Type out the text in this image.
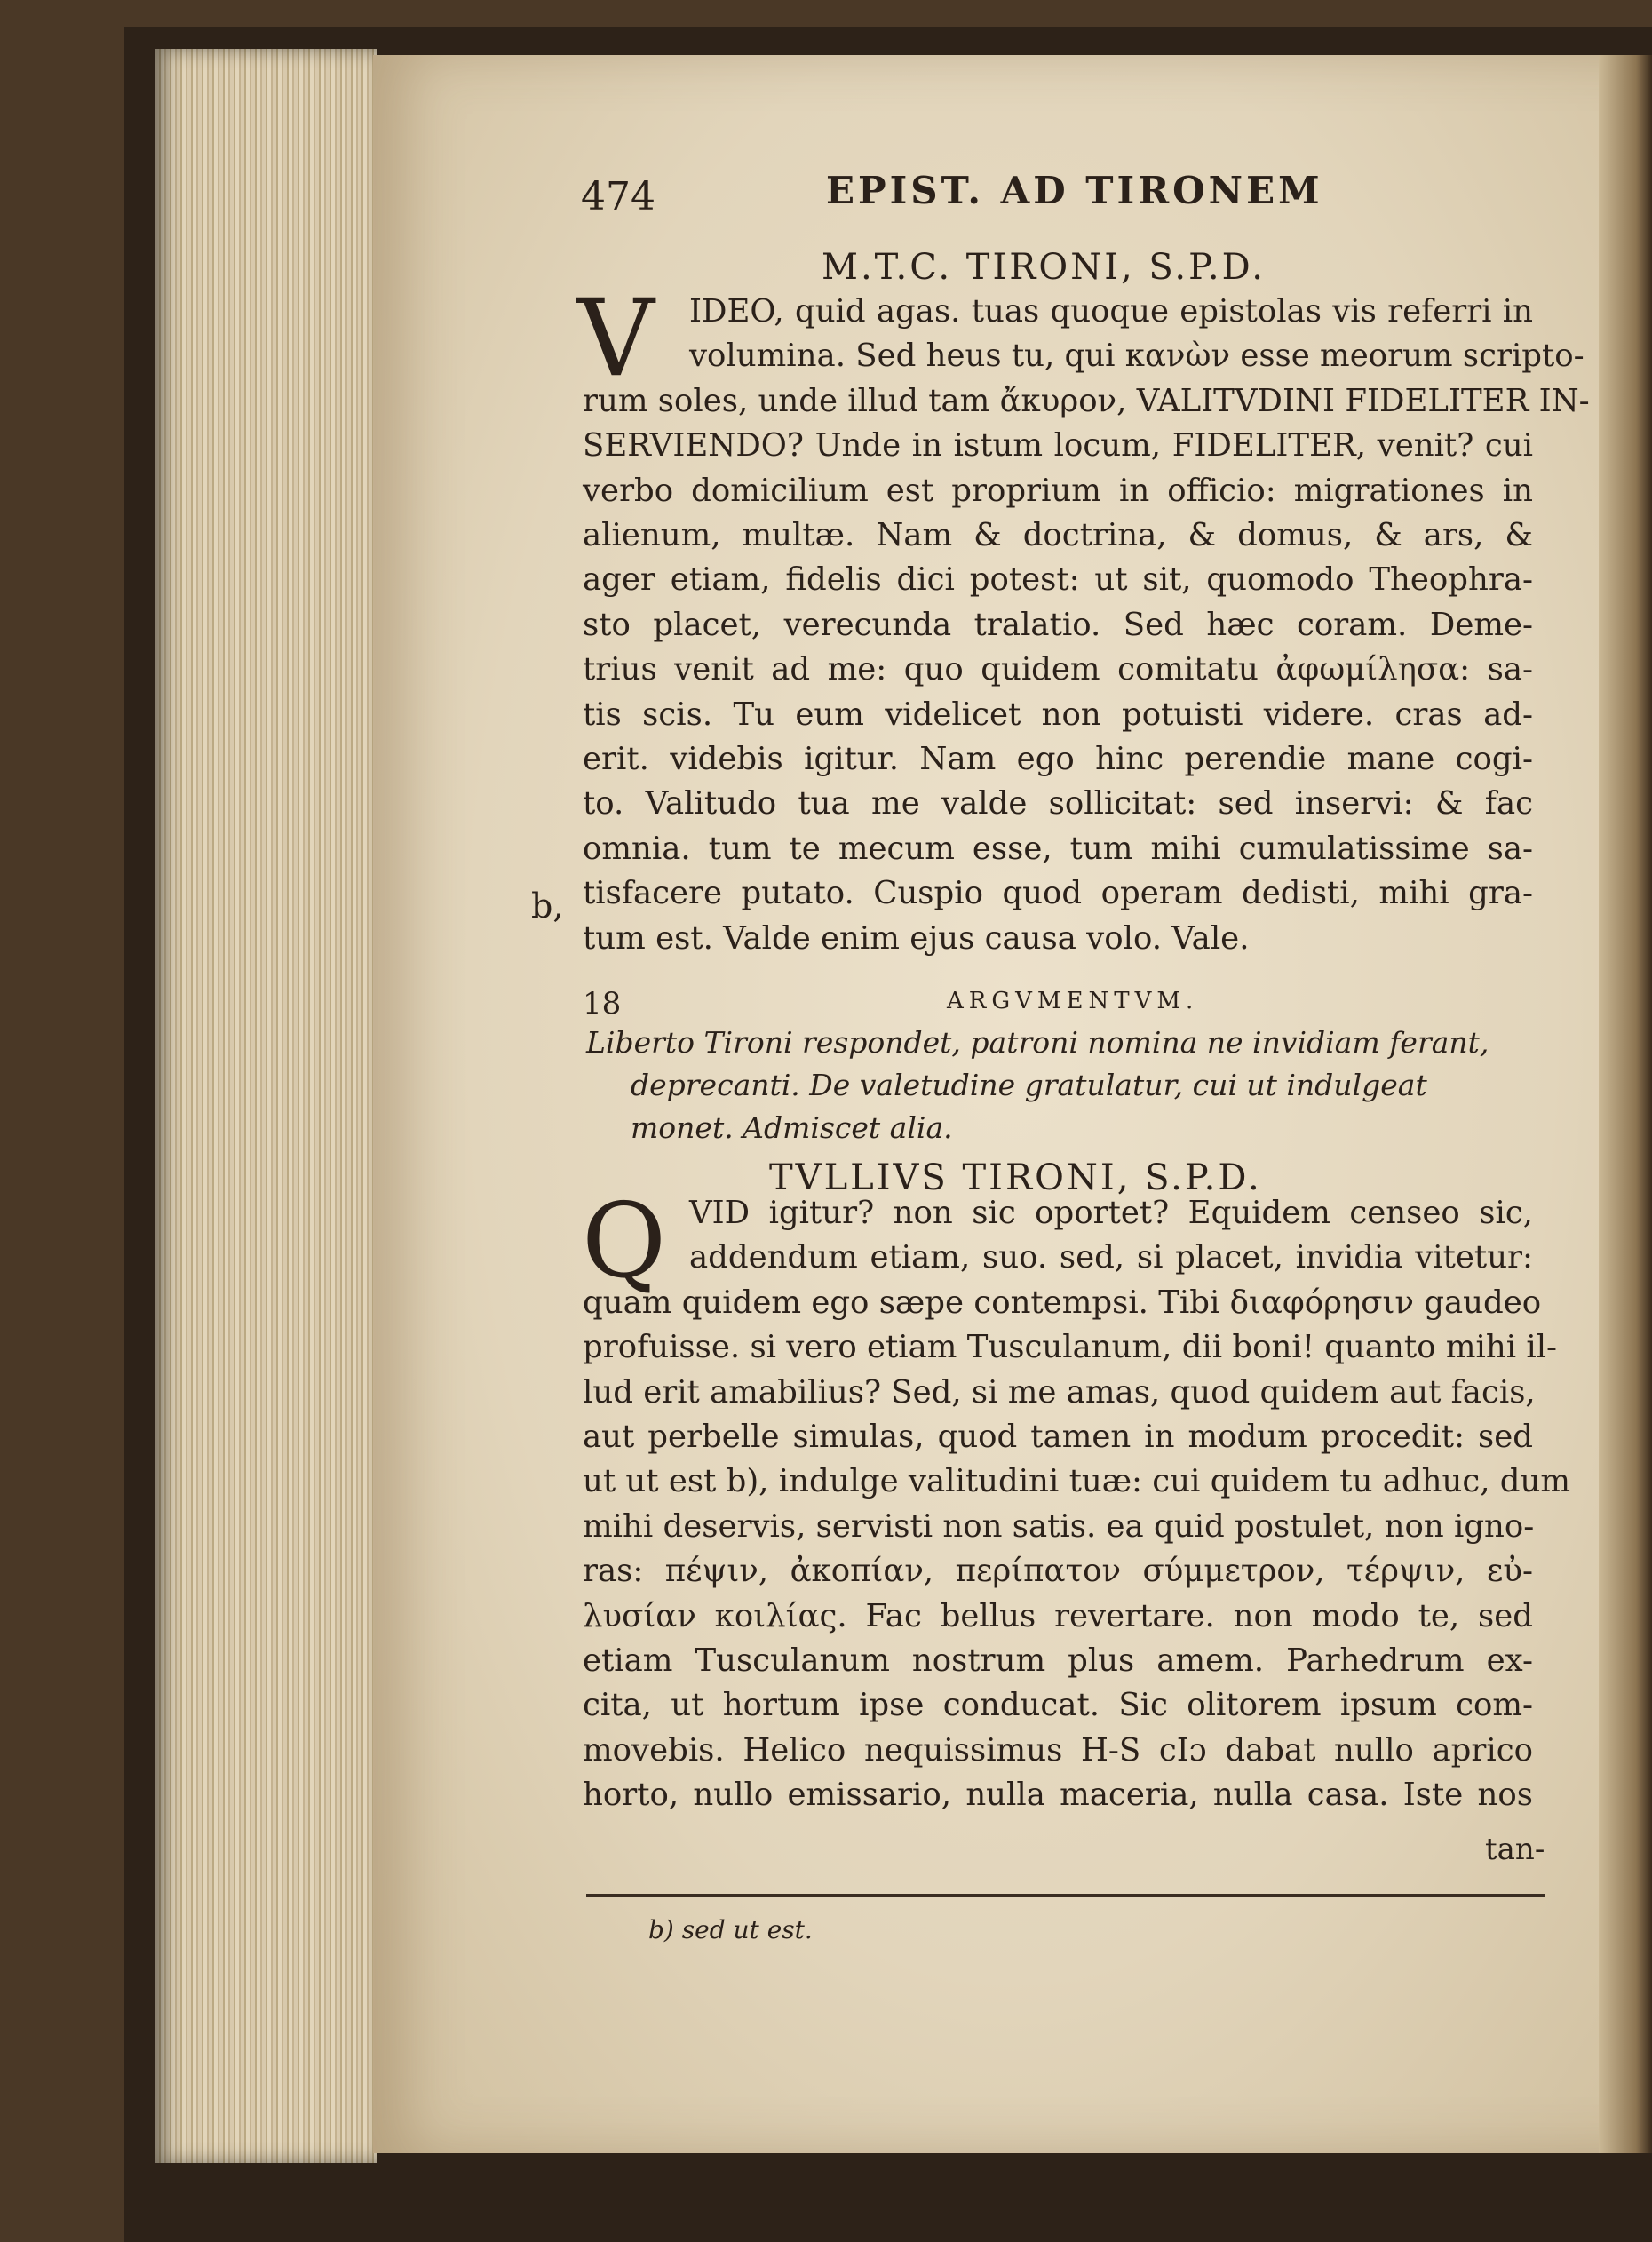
474	EPIST. AD TIRONEM
M.T.C. TIRONI, S.P.D.
V	IDEO, quid agas. tuas quoque epistolas vis referri in
volumina. Sed heus tu, qui κανὼν esse meorum scripto-
rum soles, unde illud tam ἄκυρον, VALITVDINI FIDELITER IN-
SERVIENDO? Unde in istum locum, FIDELITER, venit? cui
verbo domicilium est proprium in officio: migrationes in
alienum, multæ. Nam & doctrina, & domus, & ars, &
ager etiam, fidelis dici potest: ut sit, quomodo Theophra-
sto placet, verecunda tralatio. Sed hæc coram. Deme-
trius venit ad me: quo quidem comitatu ἀφωμίλησα: sa-
tis scis. Tu eum videlicet non potuisti videre. cras ad-
erit. videbis igitur. Nam ego hinc perendie mane cogi-
to. Valitudo tua me valde sollicitat: sed inservi: & fac
omnia. tum te mecum esse, tum mihi cumulatissime sa-
tisfacere putato. Cuspio quod operam dedisti, mihi gra-
tum est. Valde enim ejus causa volo. Vale.
b,
18	ARGVMENTVM.
Liberto Tironi respondet, patroni nomina ne invidiam ferant,
deprecanti. De valetudine gratulatur, cui ut indulgeat
monet. Admiscet alia.
TVLLIVS TIRONI, S.P.D.
Q VID igitur? non sic oportet? Equidem censeo sic,
addendum etiam, suo. sed, si placet, invidia vitetur:
quam quidem ego sæpe contempsi. Tibi διαφόρησιν gaudeo
profuisse. si vero etiam Tusculanum, dii boni! quanto mihi il-
lud erit amabilius? Sed, si me amas, quod quidem aut facis,
aut perbelle simulas, quod tamen in modum procedit: sed
ut ut est b), indulge valitudini tuæ: cui quidem tu adhuc, dum
mihi deservis, servisti non satis. ea quid postulet, non igno-
ras: πέψιν, ἀκοπίαν, περίπατον σύμμετρον, τέρψιν, εὐ-
λυσίαν κοιλίας. Fac bellus revertare. non modo te, sed
etiam Tusculanum nostrum plus amem. Parhedrum ex-
cita, ut hortum ipse conducat. Sic olitorem ipsum com-
movebis. Helico nequissimus H-S cIɔ dabat nullo aprico
horto, nullo emissario, nulla maceria, nulla casa. Iste nos
tan-
b) sed ut est.
